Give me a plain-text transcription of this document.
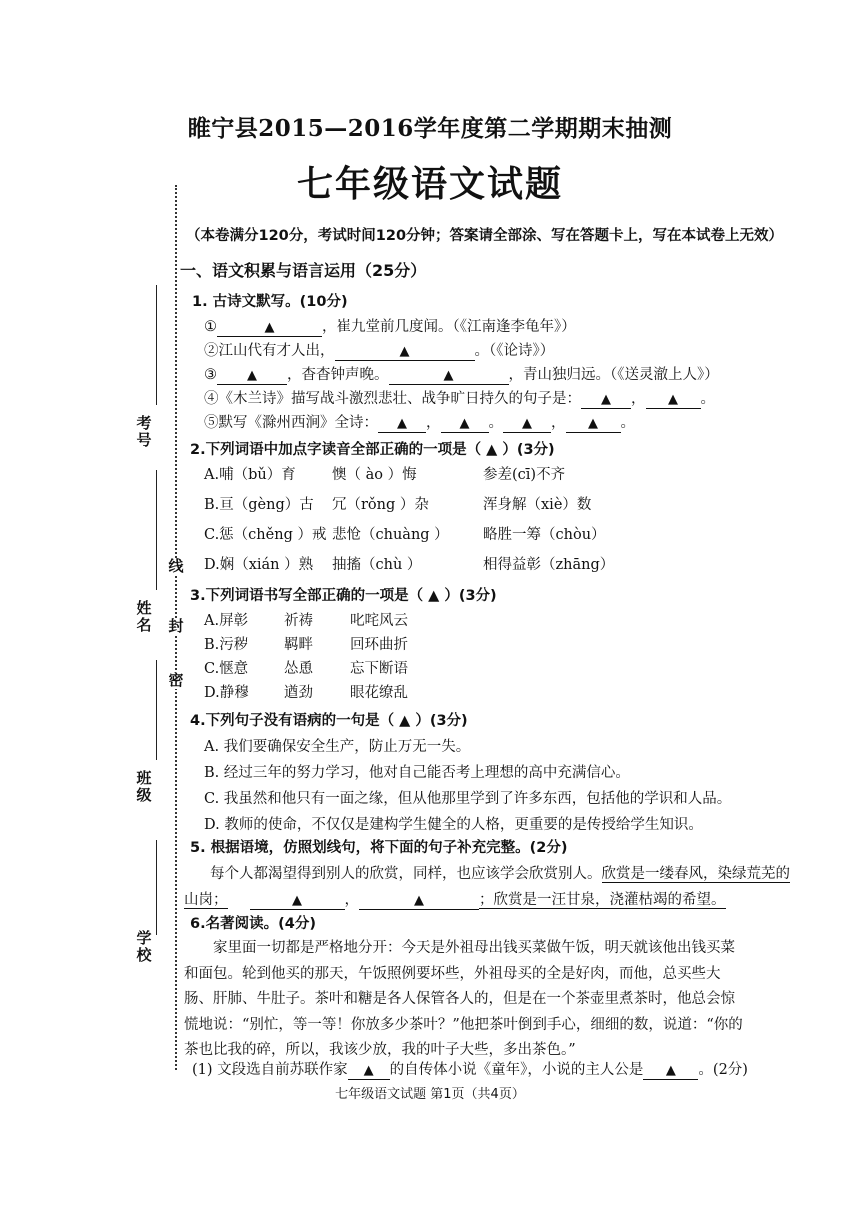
考号
姓名
班级
学校
线
封
密
睢宁县2015—2016学年度第二学期期末抽测
七年级语文试题
（本卷满分120分，考试时间120分钟；答案请全部涂、写在答题卡上，写在本试卷上无效）
一、语文积累与语言运用（25分）
1. 古诗文默写。(10分)
①	▲	，崔九堂前几度闻。（《江南逢李龟年》）
②江山代有才人出，	▲	。（《论诗》）
③ ▲ ，杳杳钟声晚。	▲	，青山独归远。（《送灵澈上人》）
④《木兰诗》描写战斗激烈悲壮、战争旷日持久的句子是： ▲ ， ▲ 。
⑤默写《滁州西涧》全诗： ▲ ， ▲ 。 ▲ ， ▲ 。
2.下列词语中加点字读音全部正确的一项是（ ▲ ）(3分)
A.哺（bǔ）育	懊（ ào ）悔	参差(cī)不齐
B.亘（gèng）古 冗（rǒng ）杂	浑身解（xiè）数
C.惩（chěng ）戒 悲怆（chuàng ） 略胜一筹（chòu）
D.娴（xián ）熟 抽搐（chù ）	相得益彰（zhāng）
3.下列词语书写全部正确的一项是（ ▲ ）(3分)
A.屏彰 祈祷	叱咤风云
B.污秽 羁畔	回环曲折
C.惬意 怂恿	忘下断语
D.静穆 遒劲	眼花缭乱
4.下列句子没有语病的一句是（ ▲ ）(3分)
A. 我们要确保安全生产，防止万无一失。
B. 经过三年的努力学习，他对自己能否考上理想的高中充满信心。
C. 我虽然和他只有一面之缘，但从他那里学到了许多东西，包括他的学识和人品。
D. 教师的使命，不仅仅是建构学生健全的人格，更重要的是传授给学生知识。
5. 根据语境，仿照划线句，将下面的句子补充完整。(2分)
每个人都渴望得到别人的欣赏，同样，也应该学会欣赏别人。欣赏是一缕春风，染绿荒芜的
山岗；	▲	，	▲	；欣赏是一汪甘泉，浇灌枯竭的希望。
6.名著阅读。(4分)
家里面一切都是严格地分开：今天是外祖母出钱买菜做午饭，明天就该他出钱买菜和面包。轮到他买的那天，午饭照例要坏些，外祖母买的全是好肉，而他，总买些大肠、肝肺、牛肚子。茶叶和糖是各人保管各人的，但是在一个茶壶里煮茶时，他总会惊慌地说：“别忙，等一等！你放多少茶叶？”他把茶叶倒到手心，细细的数，说道：“你的茶也比我的碎，所以，我该少放，我的叶子大些，多出茶色。”
(1) 文段选自前苏联作家 ▲ 的自传体小说《童年》，小说的主人公是 ▲ 。(2分)
七年级语文试题 第1页（共4页）
